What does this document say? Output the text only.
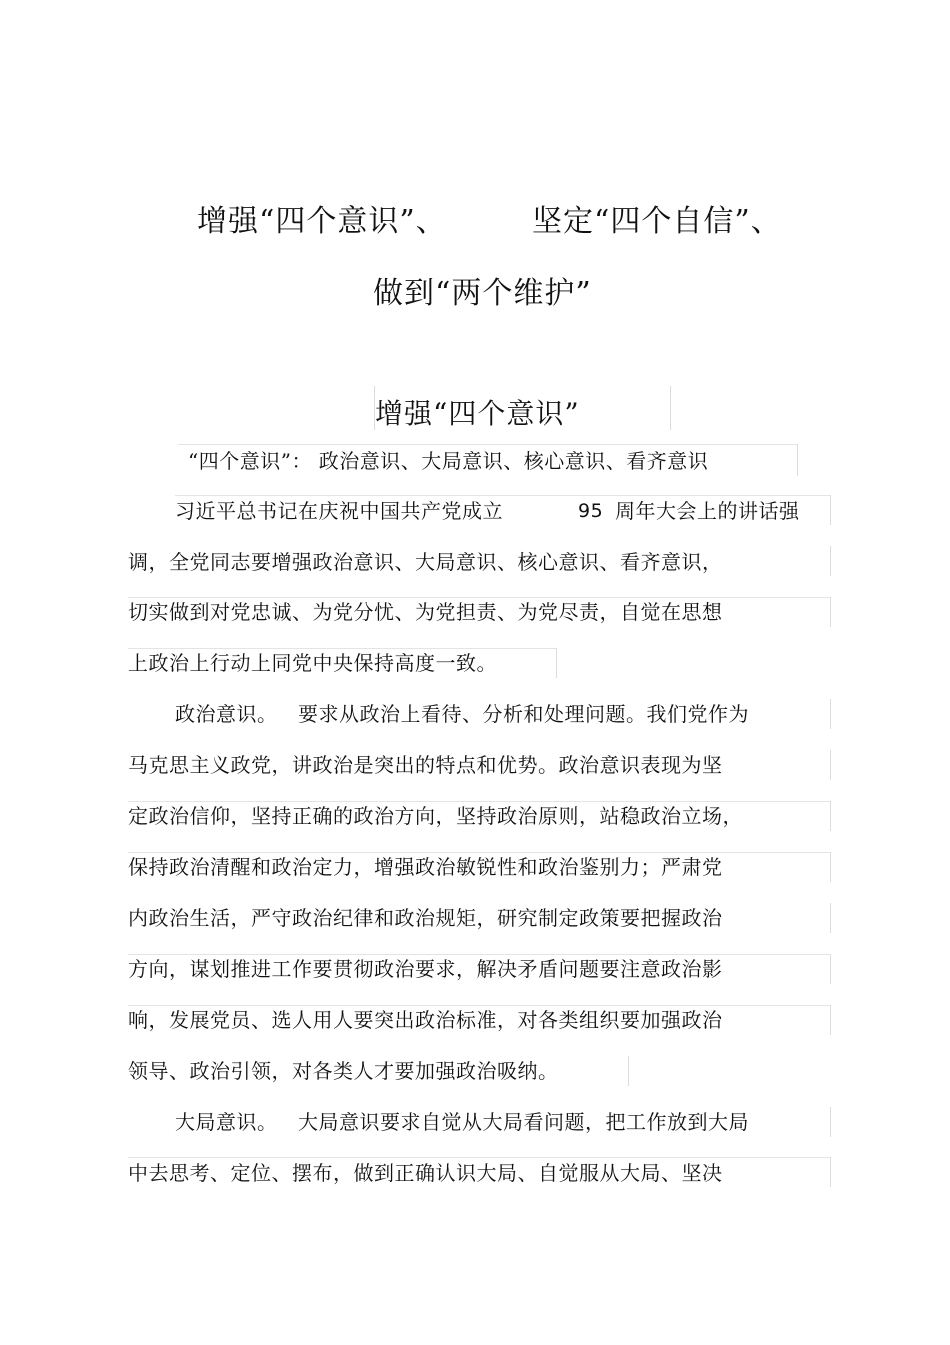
增强“四个意识”、	坚定“四个自信”、
做到“两个维护”
增强“四个意识”
“四个意识”： 政治意识、大局意识、核心意识、看齐意识
习近平总书记在庆祝中国共产党成立	95 周年大会上的讲话强
调，全党同志要增强政治意识、大局意识、核心意识、看齐意识，
切实做到对党忠诚、为党分忧、为党担责、为党尽责，自觉在思想
上政治上行动上同党中央保持高度一致。
政治意识。 要求从政治上看待、分析和处理问题。我们党作为
马克思主义政党，讲政治是突出的特点和优势。政治意识表现为坚
定政治信仰，坚持正确的政治方向，坚持政治原则，站稳政治立场，
保持政治清醒和政治定力，增强政治敏锐性和政治鉴别力；严肃党
内政治生活，严守政治纪律和政治规矩，研究制定政策要把握政治
方向，谋划推进工作要贯彻政治要求，解决矛盾问题要注意政治影
响，发展党员、选人用人要突出政治标准，对各类组织要加强政治
领导、政治引领，对各类人才要加强政治吸纳。
大局意识。 大局意识要求自觉从大局看问题，把工作放到大局
中去思考、定位、摆布，做到正确认识大局、自觉服从大局、坚决
